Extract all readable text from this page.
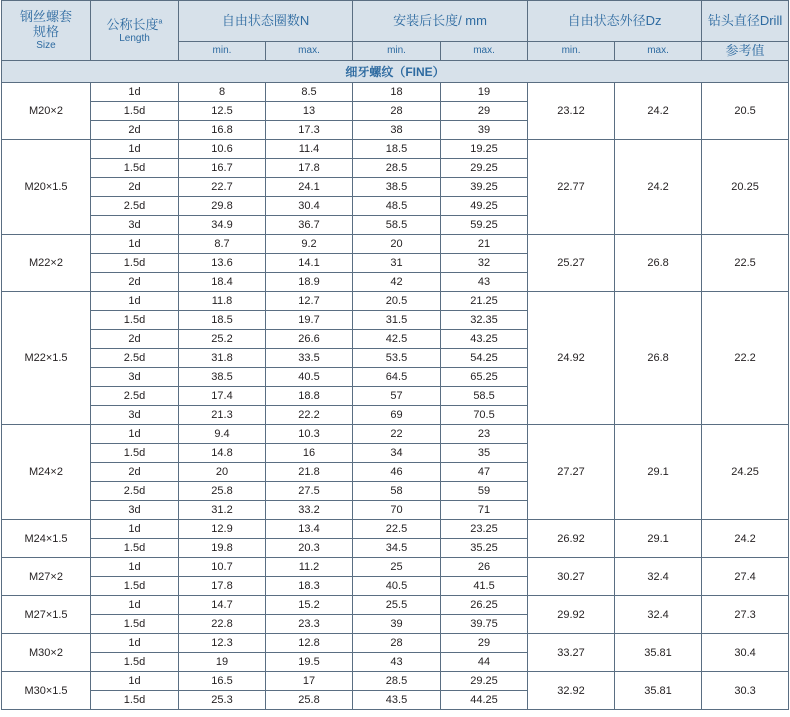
钢丝螺套
规格
Size	公称长度$^a$
Length	自由状态圈数N		安装后长度/ mm		自由状态外径Dz		钻头直径Drill
		min.	max.	min.	max.	min.	max.	参考值
细牙螺纹（FINE）								
M20×2	1d	8	8.5	18	19	23.12	24.2	20.5
	1.5d	12.5	13	28	29			
	2d	16.8	17.3	38	39			
M20×1.5	1d	10.6	11.4	18.5	19.25	22.77	24.2	20.25
	1.5d	16.7	17.8	28.5	29.25			
	2d	22.7	24.1	38.5	39.25			
	2.5d	29.8	30.4	48.5	49.25			
	3d	34.9	36.7	58.5	59.25			
M22×2	1d	8.7	9.2	20	21	25.27	26.8	22.5
	1.5d	13.6	14.1	31	32			
	2d	18.4	18.9	42	43			
M22×1.5	1d	11.8	12.7	20.5	21.25	24.92	26.8	22.2
	1.5d	18.5	19.7	31.5	32.35			
	2d	25.2	26.6	42.5	43.25			
	2.5d	31.8	33.5	53.5	54.25			
	3d	38.5	40.5	64.5	65.25			
	2.5d	17.4	18.8	57	58.5			
	3d	21.3	22.2	69	70.5			
M24×2	1d	9.4	10.3	22	23	27.27	29.1	24.25
	1.5d	14.8	16	34	35			
	2d	20	21.8	46	47			
	2.5d	25.8	27.5	58	59			
	3d	31.2	33.2	70	71			
M24×1.5	1d	12.9	13.4	22.5	23.25	26.92	29.1	24.2
	1.5d	19.8	20.3	34.5	35.25			
M27×2	1d	10.7	11.2	25	26	30.27	32.4	27.4
	1.5d	17.8	18.3	40.5	41.5			
M27×1.5	1d	14.7	15.2	25.5	26.25	29.92	32.4	27.3
	1.5d	22.8	23.3	39	39.75			
M30×2	1d	12.3	12.8	28	29	33.27	35.81	30.4
	1.5d	19	19.5	43	44			
M30×1.5	1d	16.5	17	28.5	29.25	32.92	35.81	30.3
	1.5d	25.3	25.8	43.5	44.25			
